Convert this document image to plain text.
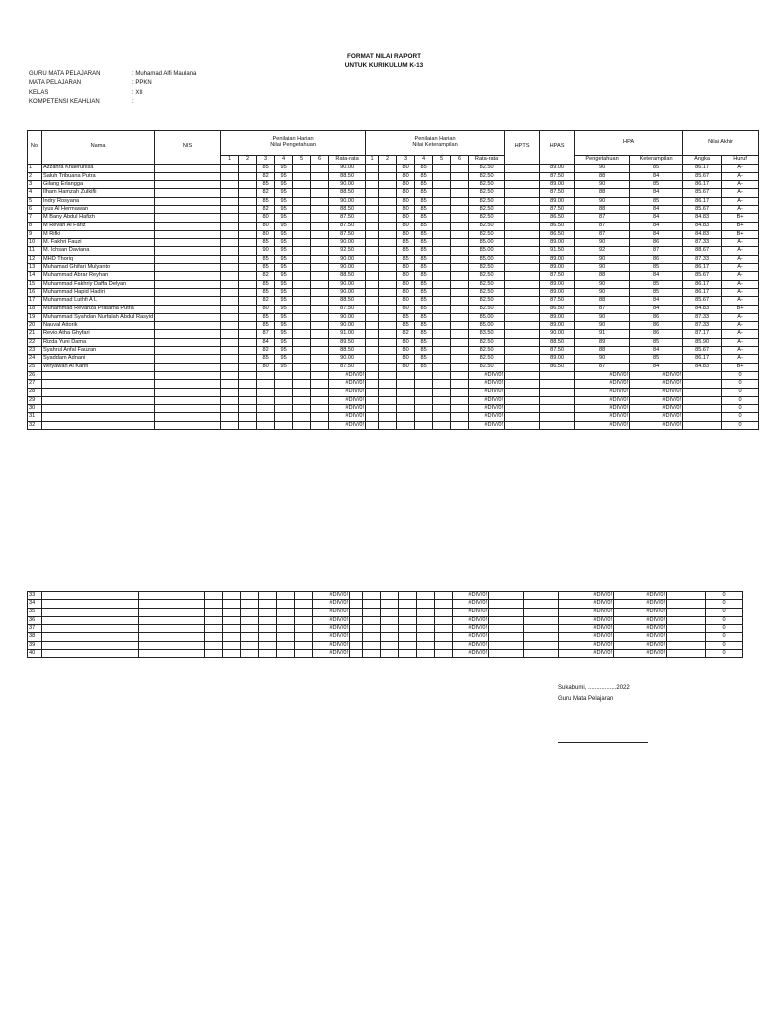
FORMAT NILAI RAPORT
UNTUK KURIKULUM K-13
GURU MATA PELAJARAN	: Muhamad Alfi Maulana
MATA PELAJARAN	: PPKN
KELAS	: XII
KOMPETENSI KEAHLIAN	:
No	Nama	NIS	Penilaian Harian
Nilai Pengetahuan							Penilaian Harian
Nilai Keterampilan							HPTS	HPAS	HPA		Nilai Akhir	
			1	2	3	4	5	6	Rata-rata	1	2	3	4	5	6	Rata-rata			Pengetahuan	Keterampilan	Angka	Huruf
1	Azzahra Khaerunisa				85	95			90.00			80	85			82.50		89.00	90	85	86.17	A-
2	Saluh Tribuana Putra				82	95			88.50			80	85			82.50		87.50	88	84	85.67	A-
3	Gilang Erlangga				85	95			90.00			80	85			82.50		89.00	90	85	86.17	A-
4	Ilham Hamzah Zulkifli				82	95			88.50			80	85			82.50		87.50	88	84	85.67	A-
5	Indry Rosyana				85	95			90.00			80	85			82.50		89.00	90	85	86.17	A-
6	Iyus Al Hermawan				82	95			88.50			80	85			82.50		87.50	88	84	85.67	A-
7	M Bany Abdul Hafizh				80	95			87.50			80	85			82.50		86.50	87	84	84.83	B+
8	M Revan Al Fariz				80	95			87.50			80	85			82.50		86.50	87	84	84.83	B+
9	M Rifki				80	95			87.50			80	85			82.50		86.50	87	84	84.83	B+
10	M. Fakhri Fauzi				85	95			90.00			85	85			85.00		89.00	90	86	87.33	A-
11	M. Ichsan Daviana				90	95			92.50			85	85			85.00		91.50	92	87	88.67	A-
12	MHD Thoriq				85	95			90.00			85	85			85.00		89.00	90	86	87.33	A-
13	Muhamad Ghifari Mulyanto				85	95			90.00			80	85			82.50		89.00	90	85	86.17	A-
14	Muhammad Abrar Reyhan				82	95			88.50			80	85			82.50		87.50	88	84	85.67	A-
15	Muhammad Fakhriy Daffa Delyan				85	95			90.00			80	85			82.50		89.00	90	85	86.17	A-
16	Muhammad Hapid Hadiri				85	95			90.00			80	85			82.50		89.00	90	85	86.17	A-
17	Muhammad Luthfi A L				82	95			88.50			80	85			82.50		87.50	88	84	85.67	A-
18	Muhammad Revanza Pratama Putra				80	95			87.50			80	85			82.50		86.50	87	84	84.83	B+
19	Muhammad Syahdan Nurfalah Abdul Rasyid				85	95			90.00			85	85			85.00		89.00	90	86	87.33	A-
20	Nauval Attorik				85	95			90.00			85	85			85.00		89.00	90	86	87.33	A-
21	Revio Atha Ghyfari				87	95			91.00			82	85			83.50		90.00	91	86	87.17	A-
22	Rizda Yuni Dama				84	95			89.50			80	85			82.50		88.50	89	85	85.90	A-
23	Syahrul Anfal Fauzan				82	95			88.50			80	85			82.50		87.50	88	84	85.67	A-
24	Syaddam Adnani				85	95			90.00			80	85			82.50		89.00	90	85	86.17	A-
25	Wiryawan Al Kahfi				80	95			87.50			80	85			82.50		86.50	87	84	84.83	B+
26									#DIV/0!							#DIV/0!			#DIV/0!	#DIV/0!		0
27									#DIV/0!							#DIV/0!			#DIV/0!	#DIV/0!		0
28									#DIV/0!							#DIV/0!			#DIV/0!	#DIV/0!		0
29									#DIV/0!							#DIV/0!			#DIV/0!	#DIV/0!		0
30									#DIV/0!							#DIV/0!			#DIV/0!	#DIV/0!		0
31									#DIV/0!							#DIV/0!			#DIV/0!	#DIV/0!		0
32									#DIV/0!							#DIV/0!			#DIV/0!	#DIV/0!		0
33									#DIV/0!							#DIV/0!			#DIV/0!	#DIV/0!		0
34									#DIV/0!							#DIV/0!			#DIV/0!	#DIV/0!		0
35									#DIV/0!							#DIV/0!			#DIV/0!	#DIV/0!		0
36									#DIV/0!							#DIV/0!			#DIV/0!	#DIV/0!		0
37									#DIV/0!							#DIV/0!			#DIV/0!	#DIV/0!		0
38									#DIV/0!							#DIV/0!			#DIV/0!	#DIV/0!		0
39									#DIV/0!							#DIV/0!			#DIV/0!	#DIV/0!		0
40									#DIV/0!							#DIV/0!			#DIV/0!	#DIV/0!		0
Sukabumi, .................2022
Guru Mata Pelajaran
